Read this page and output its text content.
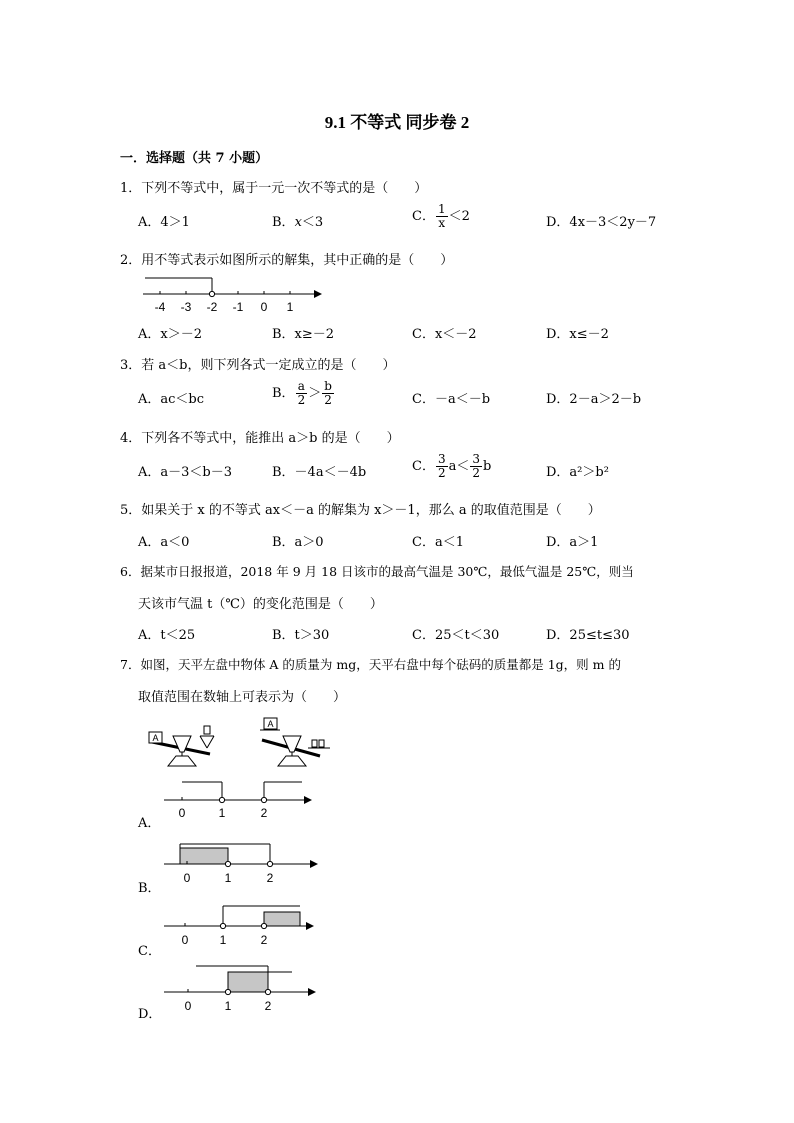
9.1 不等式 同步卷 2
一．选择题（共 7 小题）
1．下列不等式中，属于一元一次不等式的是（　　）
A．4＞1	B．x＜3	C． $\frac{1}{x} <2$	D．4x－3＜2y－7
2．用不等式表示如图所示的解集，其中正确的是（　　）
-4 -3 -2 -1 0 1
A．x＞－2	B．x≥－2	C．x＜－2	D．x≤－2
3．若 a＜b，则下列各式一定成立的是（　　）
A．ac＜bc	B． $\frac{a}{2} > \frac{b}{2}$	C．－a＜－b	D．2－a＞2－b
4．下列各不等式中，能推出 a＞b 的是（　　）
A．a－3＜b－3	B．－4a＜－4b	C． $\frac{3}{2} a< \frac{3}{2}$ b	D．a²＞b²
5．如果关于 x 的不等式 ax＜－a 的解集为 x＞－1，那么 a 的取值范围是（　　）
A．a＜0	B．a＞0	C．a＜1	D．a＞1
6．据某市日报报道，2018 年 9 月 18 日该市的最高气温是 30℃，最低气温是 25℃，则当
天该市气温 t（℃）的变化范围是（　　）
A．t＜25	B．t＞30	C．25＜t＜30	D．25≤t≤30
7．如图，天平左盘中物体 A 的质量为 mg，天平右盘中每个砝码的质量都是 1g，则 m 的
取值范围在数轴上可表示为（　　）
A
A
A．
0	1	2
B．
0	1	2
C．
0	1	2
D．
0	1	2
